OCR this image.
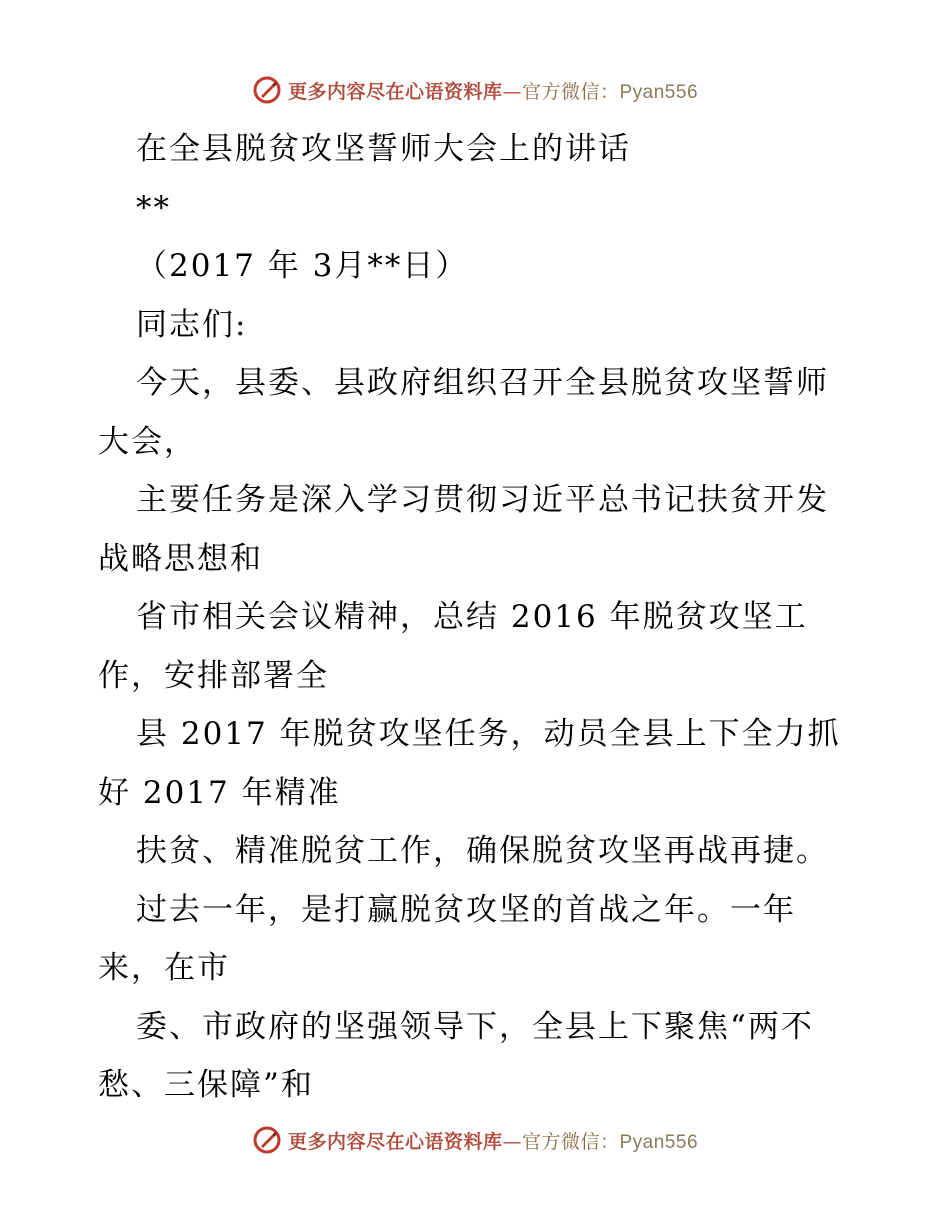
更多内容尽在心语资料库—官方微信：Pyan556
在全县脱贫攻坚誓师大会上的讲话
**
（2017 年 3月**日）
同志们:
今天，县委、县政府组织召开全县脱贫攻坚誓师
大会，
主要任务是深入学习贯彻习近平总书记扶贫开发
战略思想和
省市相关会议精神，总结 2016 年脱贫攻坚工
作，安排部署全
县 2017 年脱贫攻坚任务，动员全县上下全力抓
好 2017 年精准
扶贫、精准脱贫工作，确保脱贫攻坚再战再捷。
过去一年，是打赢脱贫攻坚的首战之年。一年
来，在市
委、市政府的坚强领导下，全县上下聚焦“两不
愁、三保障”和
更多内容尽在心语资料库—官方微信：Pyan556
